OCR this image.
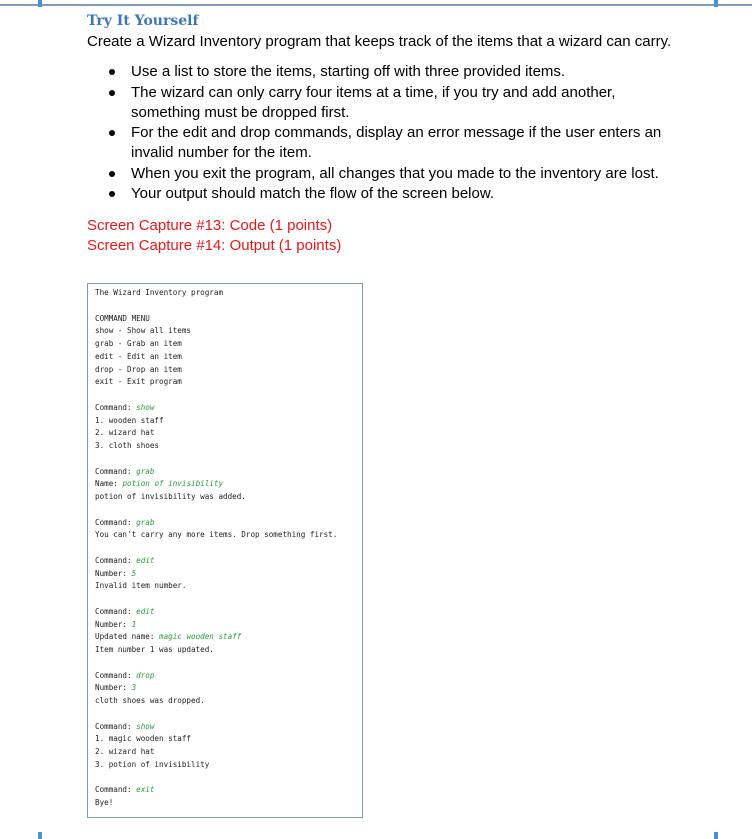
Try It Yourself

Create a Wizard Inventory program that keeps track of the items that a wizard can carry.

Use a list to store the items, starting off with three provided items.
The wizard can only carry four items at a time, if you try and add another, something must be dropped first.
For the edit and drop commands, display an error message if the user enters an invalid number for the item.
When you exit the program, all changes that you made to the inventory are lost.
Your output should match the flow of the screen below.
Screen Capture #13: Code (1 points)
Screen Capture #14: Output (1 points)
The Wizard Inventory program
COMMAND MENU
show - Show all items
grab - Grab an item
edit - Edit an item
drop - Drop an item
exit - Exit program
Command: show
1. wooden staff
2. wizard hat
3. cloth shoes
Command: grab
Name: potion of invisibility
potion of invisibility was added.
Command: grab
You can't carry any more items. Drop something first.
Command: edit
Number: 5
Invalid item number.
Command: edit
Number: 1
Updated name: magic wooden staff
Item number 1 was updated.
Command: drop
Number: 3
cloth shoes was dropped.
Command: show
1. magic wooden staff
2. wizard hat
3. potion of invisibility
Command: exit
Bye!
